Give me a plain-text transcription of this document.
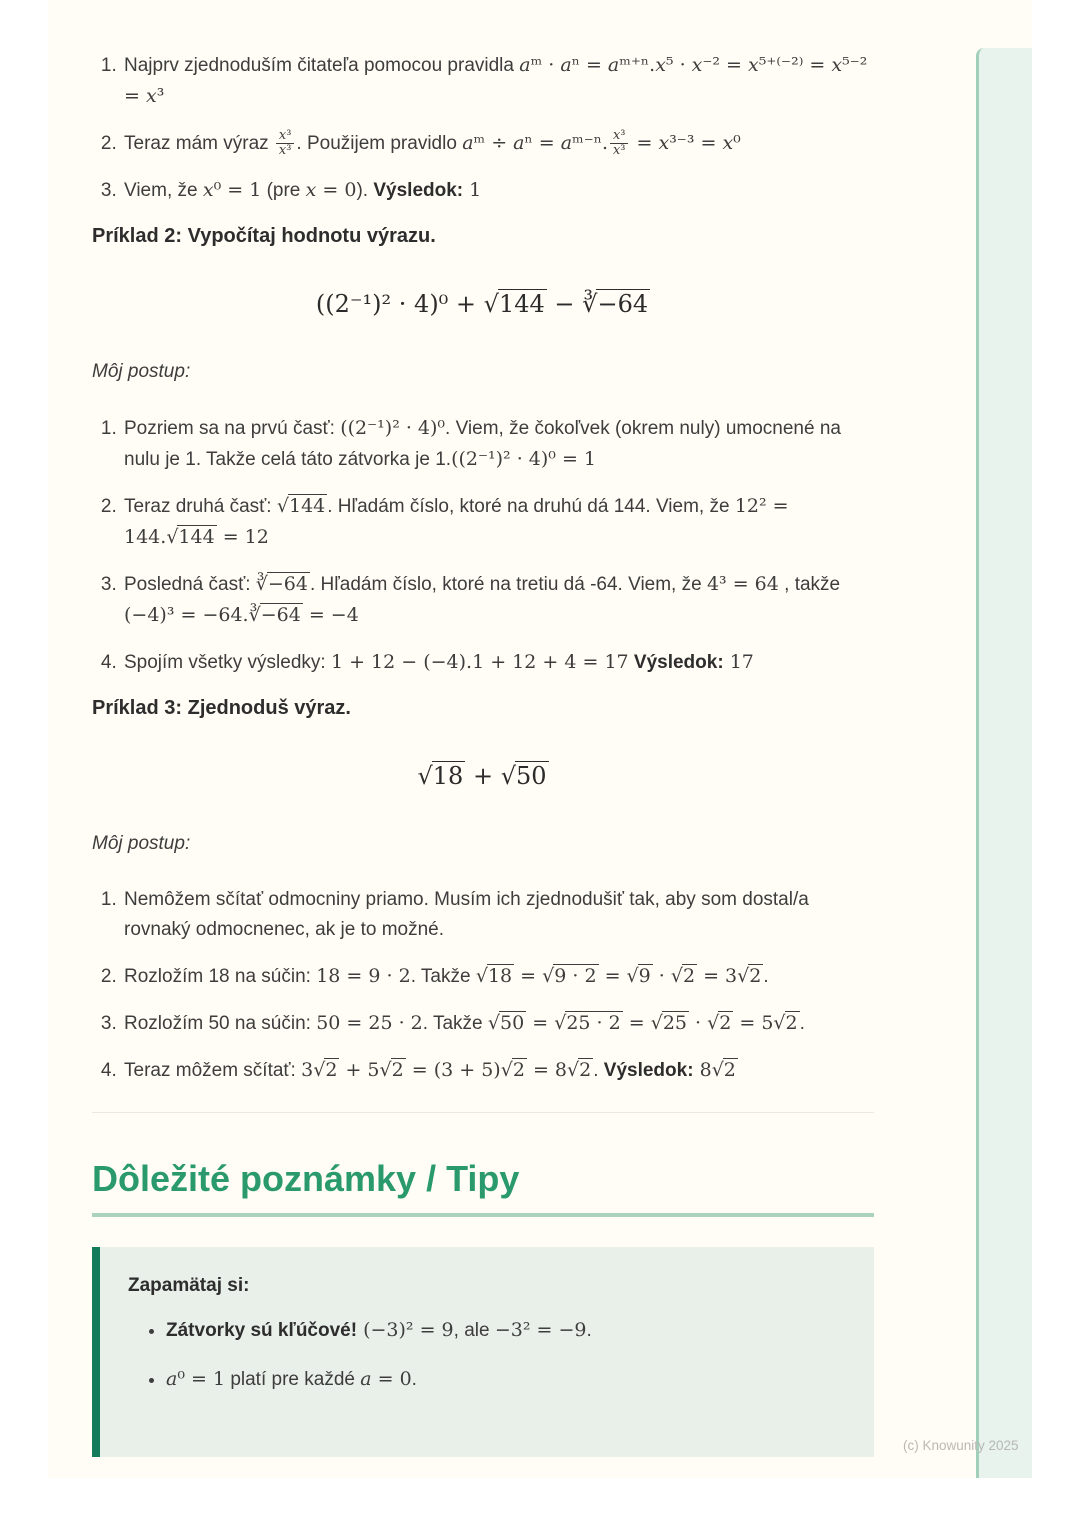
1. Najprv zjednoduším čitateľa pomocou pravidla aᵐ · aⁿ = aᵐ⁺ⁿ.x⁵ · x⁻² = x⁵⁺⁽⁻²⁾ = x⁵⁻² = x³
2. Teraz mám výraz $\frac{\text{x³}}{\text{x³}}$ . Použijem pravidlo aᵐ ÷ aⁿ = aᵐ⁻ⁿ. $\frac{\text{x³}}{\text{x³}} = x^{3-3} = x^0$
3. Viem, že x⁰ = 1 (pre x = 0). Výsledok: 1
Príklad 2: Vypočítaj hodnotu výrazu.
((2⁻¹)² · 4)⁰ + √144 − ∛−64

Môj postup:

1. Pozriem sa na prvú časť: ((2⁻¹)² · 4)⁰. Viem, že čokoľvek (okrem nuly) umocnené na nulu je 1. Takže celá táto zátvorka je 1.((2⁻¹)² · 4)⁰ = 1
2. Teraz druhá časť: √144 . Hľadám číslo, ktoré na druhú dá 144. Viem, že 12² = 144.√144 = 12
3. Posledná časť: ∛−64 . Hľadám číslo, ktoré na tretiu dá -64. Viem, že 4³ = 64 , takže (−4)³ = −64.∛−64 = −4
4. Spojím všetky výsledky: 1 + 12 − (−4).1 + 12 + 4 = 17 Výsledok: 17
Príklad 3: Zjednoduš výraz.
√18 + √50

Môj postup:

1. Nemôžem sčítať odmocniny priamo. Musím ich zjednodušiť tak, aby som dostal/a rovnaký odmocnenec, ak je to možné.
2. Rozložím 18 na súčin: 18 = 9 · 2. Takže √18 = √9 · 2 = √9 · √2 = 3√2 .
3. Rozložím 50 na súčin: 50 = 25 · 2. Takže √50 = √25 · 2 = √25 · √2 = 5√2 .
4. Teraz môžem sčítať: 3√2 + 5√2 = (3 + 5)√2 = 8√2 . Výsledok: 8√2
Dôležité poznámky / Tipy

Zapamätaj si:

• Zátvorky sú kľúčové! (−3)² = 9, ale −3² = −9.
• a⁰ = 1 platí pre každé a = 0.
(c) Knowunity 2025
